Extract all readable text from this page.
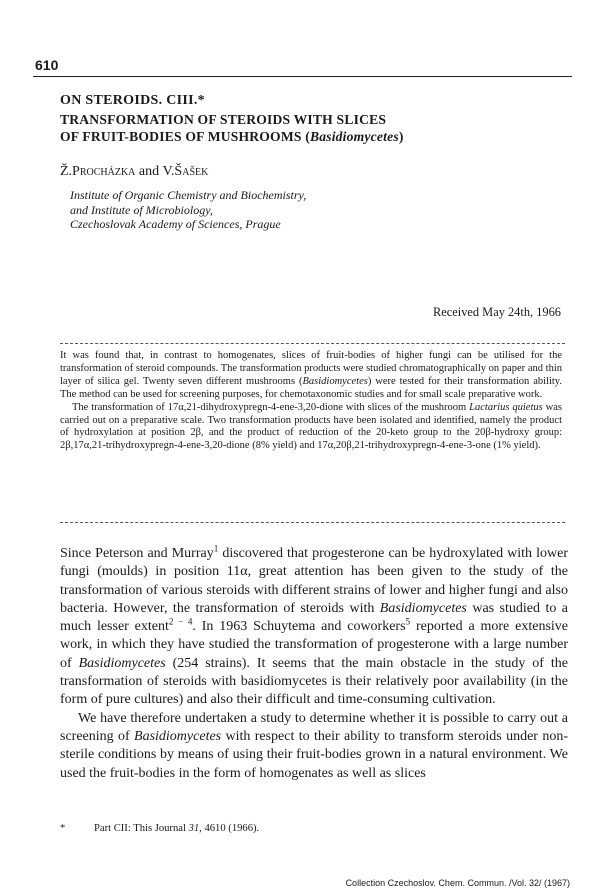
610
ON STEROIDS. CIII.*
TRANSFORMATION OF STEROIDS WITH SLICES
OF FRUIT-BODIES OF MUSHROOMS (Basidiomycetes)
Ž.Procházka and V.Šašek
Institute of Organic Chemistry and Biochemistry,
and Institute of Microbiology,
Czechoslovak Academy of Sciences, Prague
Received May 24th, 1966

It was found that, in contrast to homogenates, slices of fruit-bodies of higher fungi can be utilised for the transformation of steroid compounds. The transformation products were studied chromatographically on paper and thin layer of silica gel. Twenty seven different mushrooms (Basidiomycetes) were tested for their transformation ability. The method can be used for screening purposes, for chemotaxonomic studies and for small scale preparative work.

The transformation of 17α,21-dihydroxypregn-4-ene-3,20-dione with slices of the mushroom Lactarius quietus was carried out on a preparative scale. Two transformation products have been isolated and identified, namely the product of hydroxylation at position 2β, and the product of reduction of the 20-keto group to the 20β-hydroxy group: 2β,17α,21-trihydroxypregn-4-ene-3,20-dione (8% yield) and 17α,20β,21-trihydroxypregn-4-ene-3-one (1% yield).

Since Peterson and Murray$^1$ discovered that progesterone can be hydroxylated with lower fungi (moulds) in position 11α, great attention has been given to the study of the transformation of various steroids with different strains of lower and higher fungi and also bacteria. However, the transformation of steroids with Basidiomycetes was studied to a much lesser extent$^{2 - 4}$. In 1963 Schuytema and coworkers$^5$ reported a more extensive work, in which they have studied the transformation of progesterone with a large number of Basidiomycetes (254 strains). It seems that the main obstacle in the study of the transformation of steroids with basidiomycetes is their relatively poor availability (in the form of pure cultures) and also their difficult and time-consuming cultivation.

We have therefore undertaken a study to determine whether it is possible to carry out a screening of Basidiomycetes with respect to their ability to transform steroids under non-sterile conditions by means of using their fruit-bodies grown in a natural environment. We used the fruit-bodies in the form of homogenates as well as slices

*	Part CII: This Journal 31, 4610 (1966).
Collection Czechoslov. Chem. Commun. /Vol. 32/ (1967)
